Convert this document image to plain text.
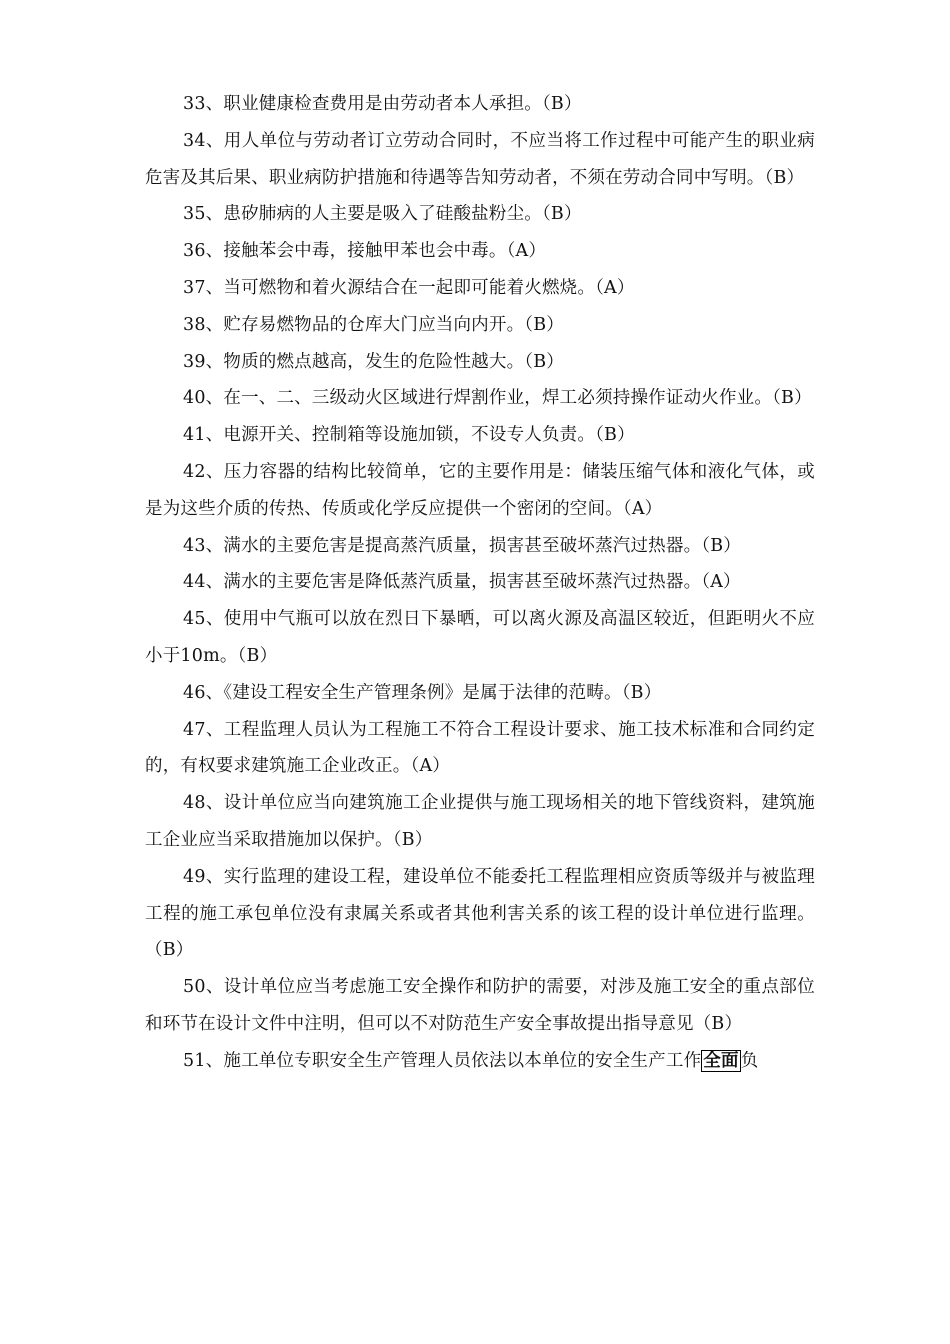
33、职业健康检查费用是由劳动者本人承担。（B）

34、用人单位与劳动者订立劳动合同时，不应当将工作过程中可能产生的职业病危害及其后果、职业病防护措施和待遇等告知劳动者，不须在劳动合同中写明。（B）

35、患矽肺病的人主要是吸入了硅酸盐粉尘。（B）

36、接触苯会中毒，接触甲苯也会中毒。（A）

37、当可燃物和着火源结合在一起即可能着火燃烧。（A）

38、贮存易燃物品的仓库大门应当向内开。（B）

39、物质的燃点越高，发生的危险性越大。（B）

40、在一、二、三级动火区域进行焊割作业，焊工必须持操作证动火作业。（B）

41、电源开关、控制箱等设施加锁，不设专人负责。（B）

42、压力容器的结构比较简单，它的主要作用是：储装压缩气体和液化气体，或是为这些介质的传热、传质或化学反应提供一个密闭的空间。（A）

43、满水的主要危害是提高蒸汽质量，损害甚至破坏蒸汽过热器。（B）

44、满水的主要危害是降低蒸汽质量，损害甚至破坏蒸汽过热器。（A）

45、使用中气瓶可以放在烈日下暴晒，可以离火源及高温区较近，但距明火不应小于10m。（B）

46、《建设工程安全生产管理条例》是属于法律的范畴。（B）

47、工程监理人员认为工程施工不符合工程设计要求、施工技术标准和合同约定的，有权要求建筑施工企业改正。（A）

48、设计单位应当向建筑施工企业提供与施工现场相关的地下管线资料，建筑施工企业应当采取措施加以保护。（B）

49、实行监理的建设工程，建设单位不能委托工程监理相应资质等级并与被监理工程的施工承包单位没有隶属关系或者其他利害关系的该工程的设计单位进行监理。（B）

50、设计单位应当考虑施工安全操作和防护的需要，对涉及施工安全的重点部位和环节在设计文件中注明，但可以不对防范生产安全事故提出指导意见（B）

51、施工单位专职安全生产管理人员依法以本单位的安全生产工作 全面 负
